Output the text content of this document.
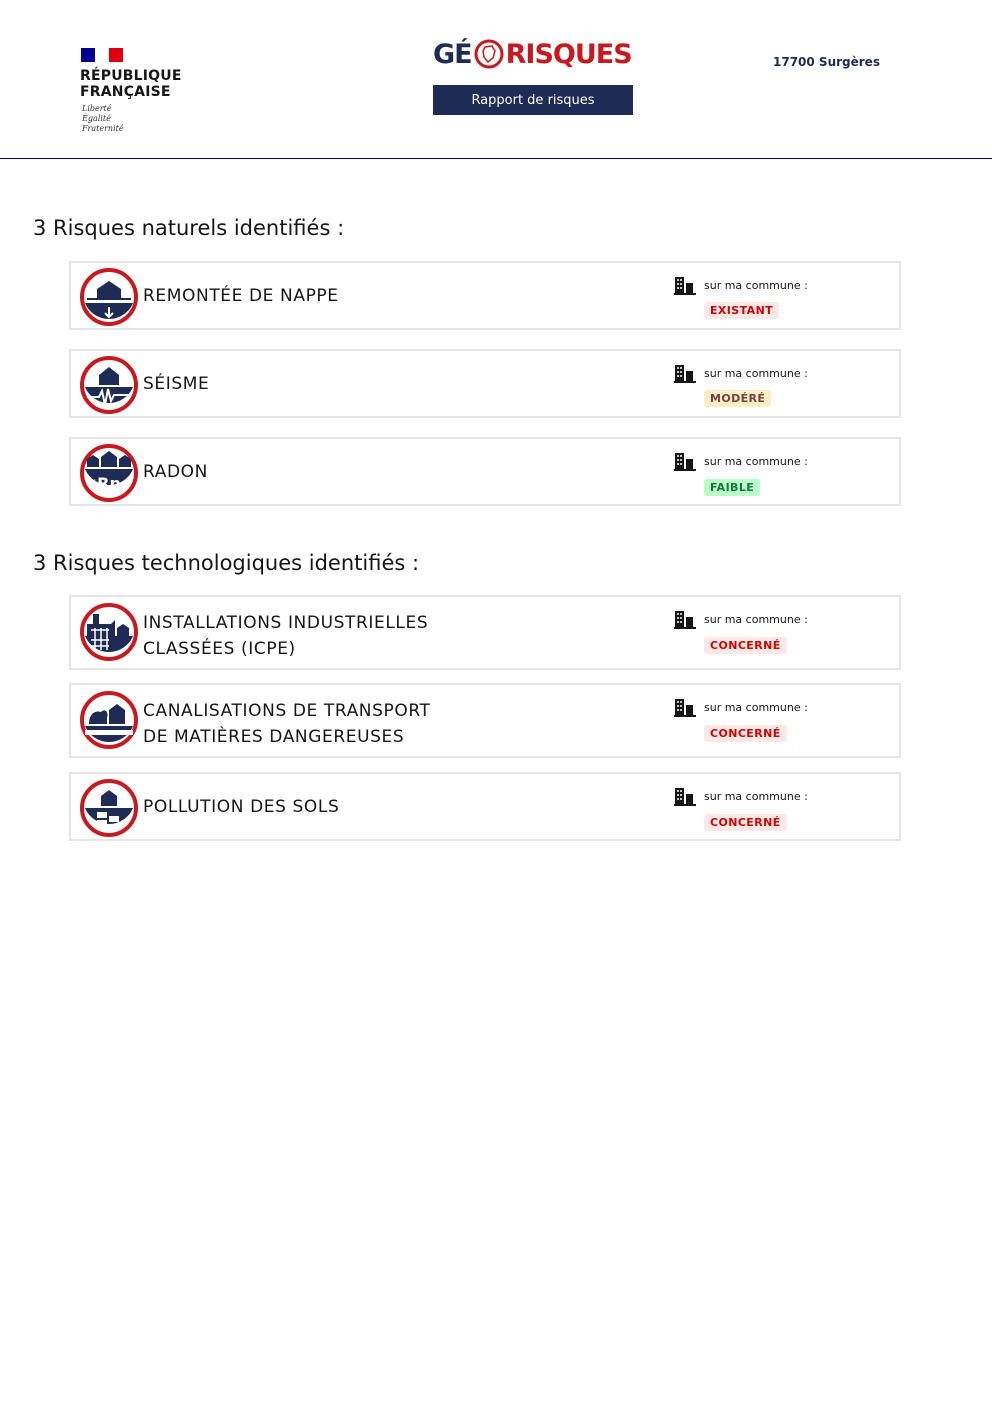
RÉPUBLIQUE
FRANÇAISE
Liberté
Égalité
Fraternité
GÉ RISQUES
Rapport de risques
17700 Surgères
3 Risques naturels identifiés :
REMONTÉE DE NAPPE
sur ma commune :
EXISTANT
SÉISME
sur ma commune :
MODÉRÉ
Rn
+	+
RADON
sur ma commune :
FAIBLE
3 Risques technologiques identifiés :
INSTALLATIONS INDUSTRIELLES
CLASSÉES (ICPE)
sur ma commune :
CONCERNÉ
CANALISATIONS DE TRANSPORT
DE MATIÈRES DANGEREUSES
sur ma commune :
CONCERNÉ
POLLUTION DES SOLS
sur ma commune :
CONCERNÉ
